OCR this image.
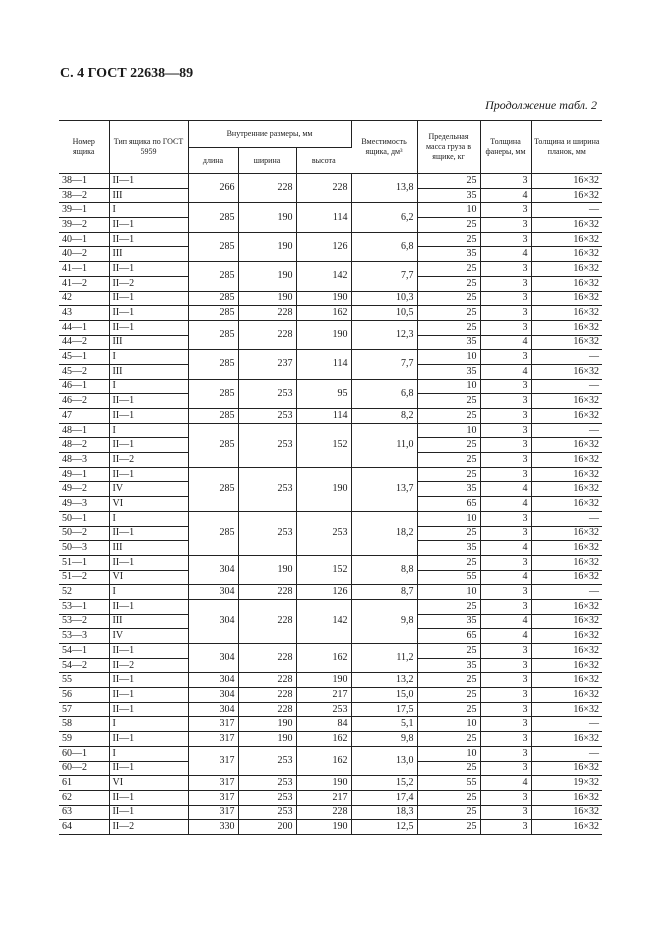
С. 4 ГОСТ 22638—89
Продолжение табл. 2
Номер ящика	Тип ящика по ГОСТ 5959	Внутренние размеры, мм			Вместимость ящика, дм³	Предельная масса груза в ящике, кг	Толщина фанеры, мм	Толщина и ширина планок, мм
		длина	ширина	высота				
38—1	II—1	266	228	228	13,8	25	3	16×32
38—2	III					35	4	16×32
39—1	I	285	190	114	6,2	10	3	—
39—2	II—1					25	3	16×32
40—1	II—1	285	190	126	6,8	25	3	16×32
40—2	III					35	4	16×32
41—1	II—1	285	190	142	7,7	25	3	16×32
41—2	II—2					25	3	16×32
42	II—1	285	190	190	10,3	25	3	16×32
43	II—1	285	228	162	10,5	25	3	16×32
44—1	II—1	285	228	190	12,3	25	3	16×32
44—2	III					35	4	16×32
45—1	I	285	237	114	7,7	10	3	—
45—2	III					35	4	16×32
46—1	I	285	253	95	6,8	10	3	—
46—2	II—1					25	3	16×32
47	II—1	285	253	114	8,2	25	3	16×32
48—1	I	285	253	152	11,0	10	3	—
48—2	II—1					25	3	16×32
48—3	II—2					25	3	16×32
49—1	II—1	285	253	190	13,7	25	3	16×32
49—2	IV					35	4	16×32
49—3	VI					65	4	16×32
50—1	I	285	253	253	18,2	10	3	—
50—2	II—1					25	3	16×32
50—3	III					35	4	16×32
51—1	II—1	304	190	152	8,8	25	3	16×32
51—2	VI					55	4	16×32
52	I	304	228	126	8,7	10	3	—
53—1	II—1	304	228	142	9,8	25	3	16×32
53—2	III					35	4	16×32
53—3	IV					65	4	16×32
54—1	II—1	304	228	162	11,2	25	3	16×32
54—2	II—2					35	3	16×32
55	II—1	304	228	190	13,2	25	3	16×32
56	II—1	304	228	217	15,0	25	3	16×32
57	II—1	304	228	253	17,5	25	3	16×32
58	I	317	190	84	5,1	10	3	—
59	II—1	317	190	162	9,8	25	3	16×32
60—1	I	317	253	162	13,0	10	3	—
60—2	II—1					25	3	16×32
61	VI	317	253	190	15,2	55	4	19×32
62	II—1	317	253	217	17,4	25	3	16×32
63	II—1	317	253	228	18,3	25	3	16×32
64	II—2	330	200	190	12,5	25	3	16×32
